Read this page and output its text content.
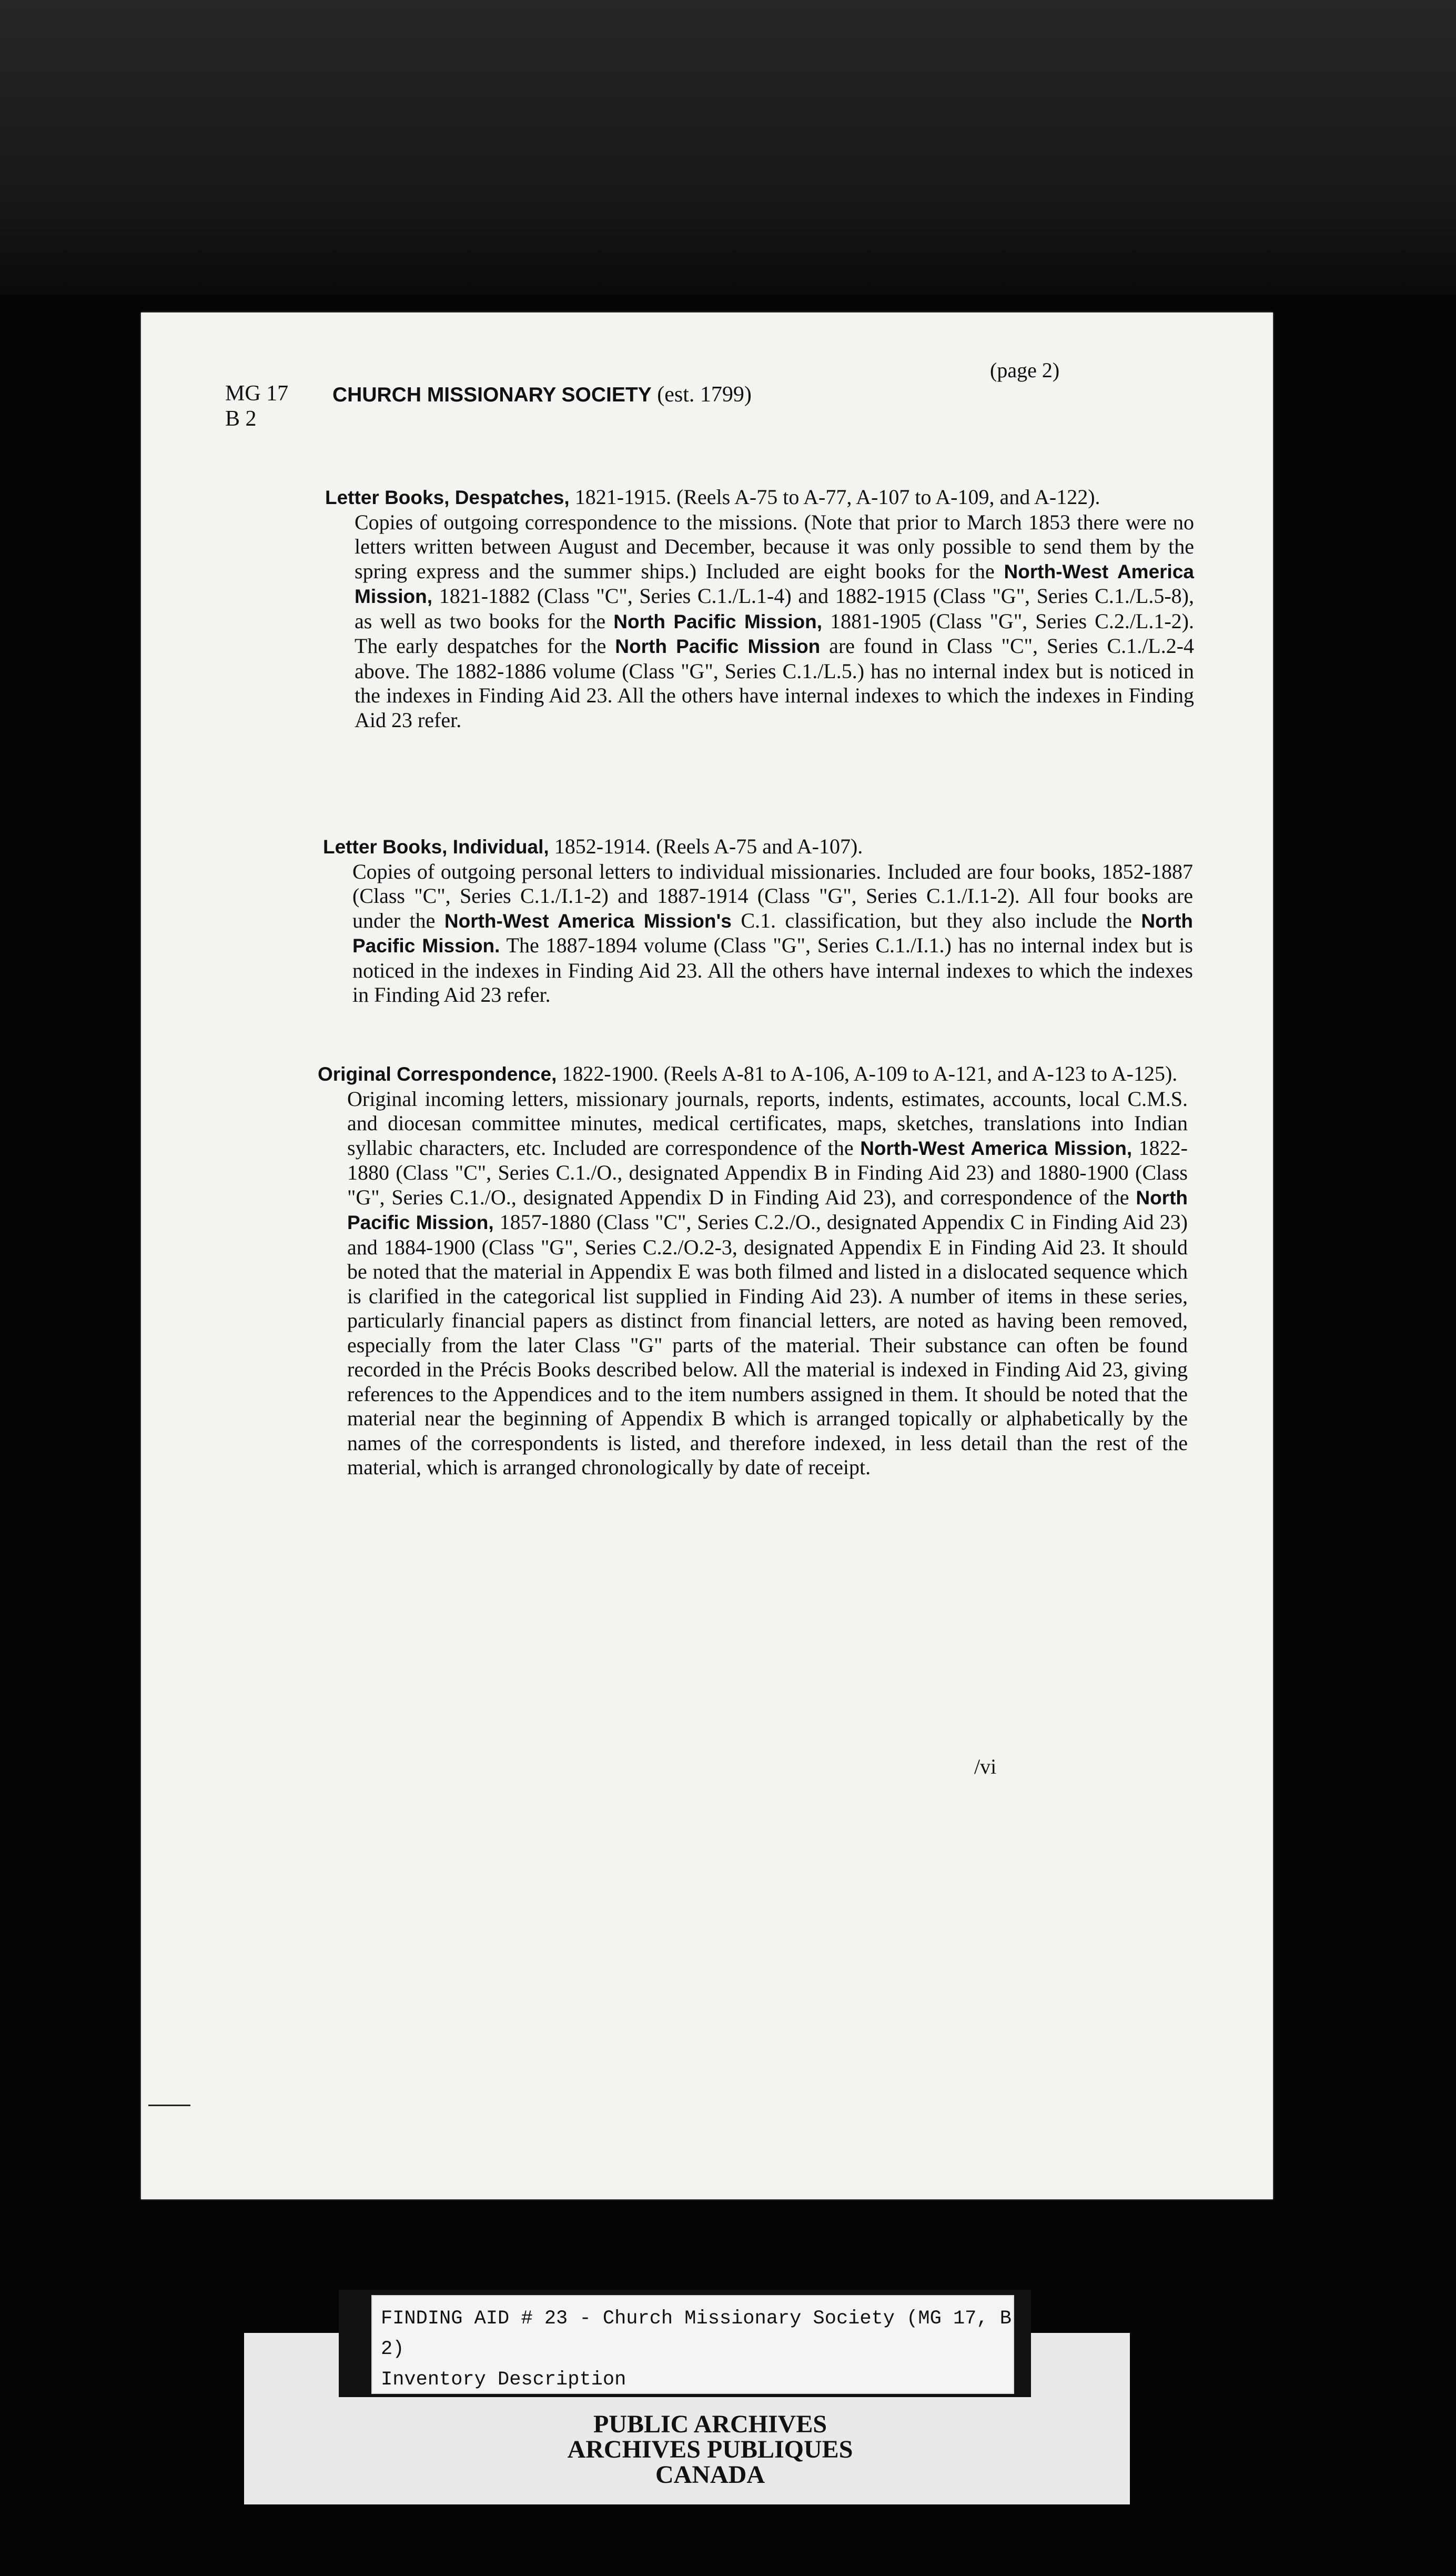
(page 2)
MG 17
B 2
CHURCH MISSIONARY SOCIETY (est. 1799)
Letter Books, Despatches, 1821-1915. (Reels A-75 to A-77, A-107 to A-109, and A-122).
Copies of outgoing correspondence to the missions. (Note that prior to March 1853 there were no letters written between August and December, because it was only possible to send them by the spring express and the summer ships.) Included are eight books for the North-West America Mission, 1821-1882 (Class "C", Series C.1./L.1-4) and 1882-1915 (Class "G", Series C.1./L.5-8), as well as two books for the North Pacific Mission, 1881-1905 (Class "G", Series C.2./L.1-2). The early despatches for the North Pacific Mission are found in Class "C", Series C.1./L.2-4 above. The 1882-1886 volume (Class "G", Series C.1./L.5.) has no internal index but is noticed in the indexes in Finding Aid 23. All the others have internal indexes to which the indexes in Finding Aid 23 refer.
Letter Books, Individual, 1852-1914. (Reels A-75 and A-107).
Copies of outgoing personal letters to individual missionaries. Included are four books, 1852-1887 (Class "C", Series C.1./I.1-2) and 1887-1914 (Class "G", Series C.1./I.1-2). All four books are under the North-West America Mission's C.1. classification, but they also include the North Pacific Mission. The 1887-1894 volume (Class "G", Series C.1./I.1.) has no internal index but is noticed in the indexes in Finding Aid 23. All the others have internal indexes to which the indexes in Finding Aid 23 refer.
Original Correspondence, 1822-1900. (Reels A-81 to A-106, A-109 to A-121, and A-123 to A-125).
Original incoming letters, missionary journals, reports, indents, estimates, accounts, local C.M.S. and diocesan committee minutes, medical certificates, maps, sketches, translations into Indian syllabic characters, etc. Included are correspondence of the North-West America Mission, 1822-1880 (Class "C", Series C.1./O., designated Appendix B in Finding Aid 23) and 1880-1900 (Class "G", Series C.1./O., designated Appendix D in Finding Aid 23), and correspondence of the North Pacific Mission, 1857-1880 (Class "C", Series C.2./O., designated Appendix C in Finding Aid 23) and 1884-1900 (Class "G", Series C.2./O.2-3, designated Appendix E in Finding Aid 23. It should be noted that the material in Appendix E was both filmed and listed in a dislocated sequence which is clarified in the categorical list supplied in Finding Aid 23). A number of items in these series, particularly financial papers as distinct from financial letters, are noted as having been removed, especially from the later Class "G" parts of the material. Their substance can often be found recorded in the Précis Books described below. All the material is indexed in Finding Aid 23, giving references to the Appendices and to the item numbers assigned in them. It should be noted that the material near the beginning of Appendix B which is arranged topically or alphabetically by the names of the correspondents is listed, and therefore indexed, in less detail than the rest of the material, which is arranged chronologically by date of receipt.
/vi
FINDING AID # 23 - Church Missionary Society (MG 17, B 2)
Inventory Description
PUBLIC ARCHIVES
ARCHIVES PUBLIQUES
CANADA
